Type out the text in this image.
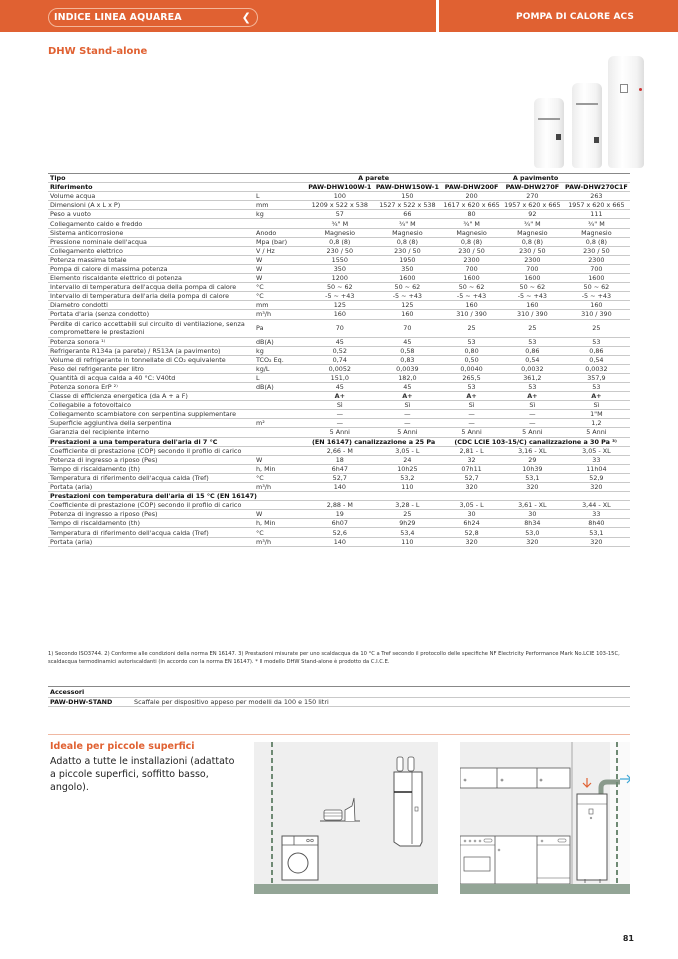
INDICE LINEA AQUAREA	❮	POMPA DI CALORE ACS
DHW Stand-alone
Tipo		A parete		A pavimento		
Riferimento		PAW-DHW100W-1	PAW-DHW150W-1	PAW-DHW200F	PAW-DHW270F	PAW-DHW270C1F
Volume acqua	L	100	150	200	270	263
Dimensioni (A x L x P)	mm	1209 x 522 x 538	1527 x 522 x 538	1617 x 620 x 665	1957 x 620 x 665	1957 x 620 x 665
Peso a vuoto	kg	57	66	80	92	111
Collegamento caldo e freddo		¾" M	¾" M	¾" M	¾" M	¾" M
Sistema anticorrosione	Anodo	Magnesio	Magnesio	Magnesio	Magnesio	Magnesio
Pressione nominale dell'acqua	Mpa (bar)	0,8 (8)	0,8 (8)	0,8 (8)	0,8 (8)	0,8 (8)
Collegamento elettrico	V / Hz	230 / 50	230 / 50	230 / 50	230 / 50	230 / 50
Potenza massima totale	W	1550	1950	2300	2300	2300
Pompa di calore di massima potenza	W	350	350	700	700	700
Elemento riscaldante elettrico di potenza	W	1200	1600	1600	1600	1600
Intervallo di temperatura dell'acqua della pompa di calore	°C	50 ~ 62	50 ~ 62	50 ~ 62	50 ~ 62	50 ~ 62
Intervallo di temperatura dell'aria della pompa di calore	°C	-5 ~ +43	-5 ~ +43	-5 ~ +43	-5 ~ +43	-5 ~ +43
Diametro condotti	mm	125	125	160	160	160
Portata d'aria (senza condotto)	m³/h	160	160	310 / 390	310 / 390	310 / 390
Perdite di carico accettabili sul circuito di ventilazione, senza compromettere le prestazioni	Pa	70	70	25	25	25
Potenza sonora ¹⁾	dB(A)	45	45	53	53	53
Refrigerante R134a (a parete) / R513A (a pavimento)	kg	0,52	0,58	0,80	0,86	0,86
Volume di refrigerante in tonnellate di CO₂ equivalente	TCO₂ Eq.	0,74	0,83	0,50	0,54	0,54
Peso del refrigerante per litro	kg/L	0,0052	0,0039	0,0040	0,0032	0,0032
Quantità di acqua calda a 40 °C: V40td	L	151,0	182,0	265,5	361,2	357,9
Potenza sonora ErP ²⁾	dB(A)	45	45	53	53	53
Classe di efficienza energetica (da A + a F)		A+	A+	A+	A+	A+
Collegabile a fotovoltaico		Sì	Sì	Sì	Sì	Sì
Collegamento scambiatore con serpentina supplementare		—	—	—	—	1"M
Superficie aggiuntiva della serpentina	m²	—	—	—	—	1,2
Garanzia del recipiente interno		5 Anni	5 Anni	5 Anni	5 Anni	5 Anni
Prestazioni a una temperatura dell'aria di 7 °C		(EN 16147) canalizzazione a 25 Pa		(CDC LCIE 103-15/C) canalizzazione a 30 Pa ³⁾		
Coefficiente di prestazione (COP) secondo il profilo di carico		2,66 - M	3,05 - L	2,81 - L	3,16 - XL	3,05 - XL
Potenza di ingresso a riposo (Pes)	W	18	24	32	29	33
Tempo di riscaldamento (th)	h, Min	6h47	10h25	07h11	10h39	11h04
Temperatura di riferimento dell'acqua calda (Tref)	°C	52,7	53,2	52,7	53,1	52,9
Portata (aria)	m³/h	140	110	320	320	320
Prestazioni con temperatura dell'aria di 15 °C (EN 16147)						
Coefficiente di prestazione (COP) secondo il profilo di carico		2,88 - M	3,28 - L	3,05 - L	3,61 - XL	3,44 - XL
Potenza di ingresso a riposo (Pes)	W	19	25	30	30	33
Tempo di riscaldamento (th)	h, Min	6h07	9h29	6h24	8h34	8h40
Temperatura di riferimento dell'acqua calda (Tref)	°C	52,6	53,4	52,8	53,0	53,1
Portata (aria)	m³/h	140	110	320	320	320
1) Secondo ISO3744. 2) Conforme alle condizioni della norma EN 16147. 3) Prestazioni misurate per uno scaldacqua da 10 °C a Tref secondo il protocollo delle specifiche NF Electricity Performance Mark No.LCIE 103-15C, scaldacqua termodinamici autoriscaldanti (in accordo con la norma EN 16147). * Il modello DHW Stand-alone è prodotto da C.I.C.E.
Accessori
PAW-DHW-STAND	Scaffale per dispositivo appeso per modelli da 100 e 150 litri
Ideale per piccole superfici
Adatto a tutte le installazioni (adattato a piccole superfici, soffitto basso, angolo).
81
